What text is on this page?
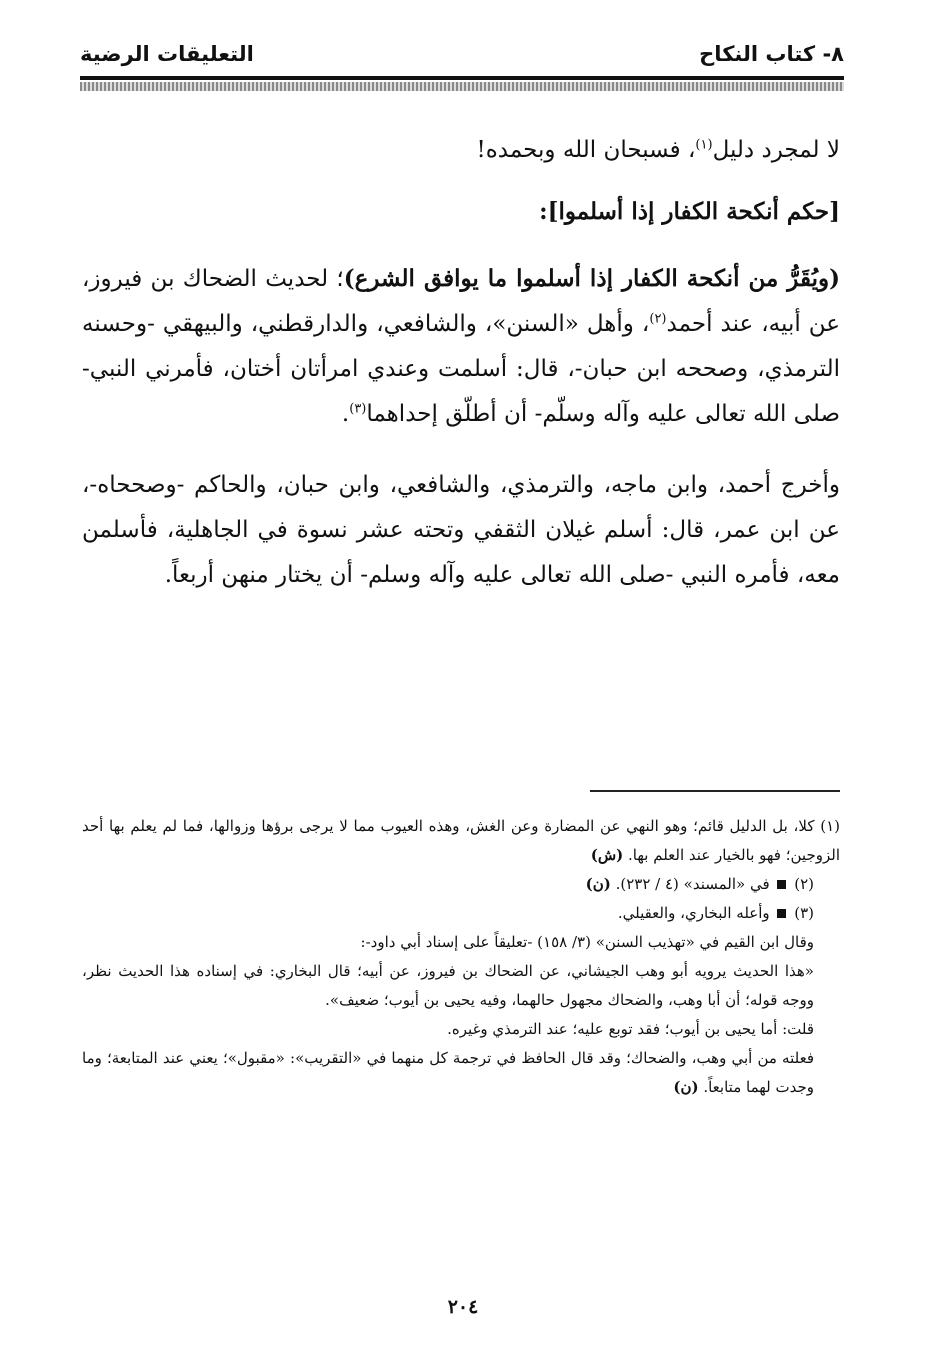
٨- كتاب النكاح
التعليقات الرضية

لا لمجرد دليل$^{(١)}$، فسبحان الله وبحمده!

[حكم أنكحة الكفار إذا أسلموا]:

(ويُقَرُّ من أنكحة الكفار إذا أسلموا ما يوافق الشرع)؛ لحديث الضحاك بن فيروز، عن أبيه، عند أحمد$^{(٢)}$، وأهل «السنن»، والشافعي، والدارقطني، والبيهقي -وحسنه الترمذي، وصححه ابن حبان-، قال: أسلمت وعندي امرأتان أختان، فأمرني النبي- صلى الله تعالى عليه وآله وسلّم- أن أطلّق إحداهما$^{(٣)}$.

وأخرج أحمد، وابن ماجه، والترمذي، والشافعي، وابن حبان، والحاكم -وصححاه-، عن ابن عمر، قال: أسلم غيلان الثقفي وتحته عشر نسوة في الجاهلية، فأسلمن معه، فأمره النبي -صلى الله تعالى عليه وآله وسلم- أن يختار منهن أربعاً.

(١) كلا، بل الدليل قائم؛ وهو النهي عن المضارة وعن الغش، وهذه العيوب مما لا يرجى برؤها وزوالها، فما لم يعلم بها أحد الزوجين؛ فهو بالخيار عند العلم بها. (ش)

(٢)  في «المسند» (٤ / ٢٣٢). (ن)

(٣)  وأعله البخاري، والعقيلي.

وقال ابن القيم في «تهذيب السنن» (٣/ ١٥٨) -تعليقاً على إسناد أبي داود-:

«هذا الحديث يرويه أبو وهب الجيشاني، عن الضحاك بن فيروز، عن أبيه؛ قال البخاري: في إسناده هذا الحديث نظر، ووجه قوله؛ أن أبا وهب، والضحاك مجهول حالهما، وفيه يحيى بن أيوب؛ ضعيف».

قلت: أما يحيى بن أيوب؛ فقد توبع عليه؛ عند الترمذي وغيره.

فعلته من أبي وهب، والضحاك؛ وقد قال الحافظ في ترجمة كل منهما في «التقريب»: «مقبول»؛ يعني عند المتابعة؛ وما وجدت لهما متابعاً. (ن)

٢٠٤
